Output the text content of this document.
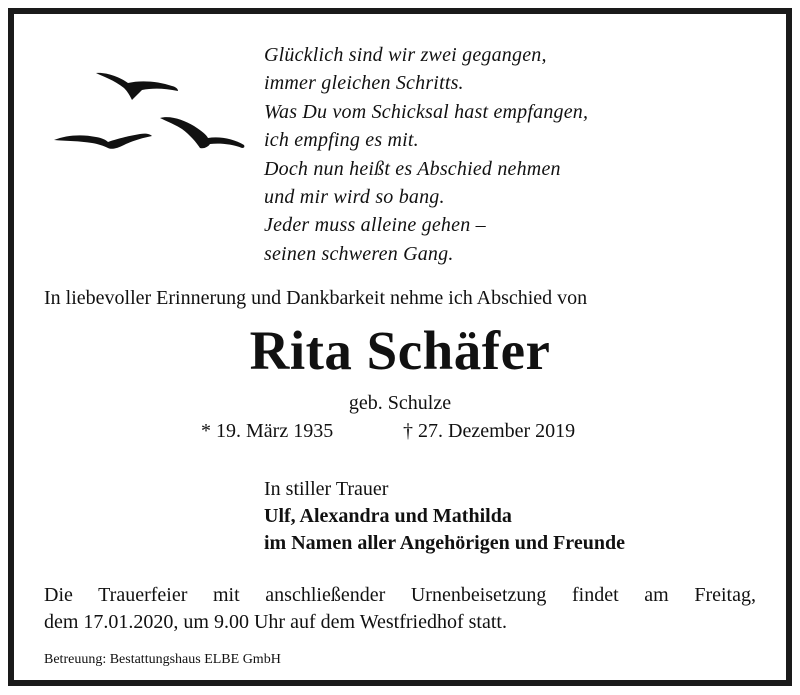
Glücklich sind wir zwei gegangen,
immer gleichen Schritts.
Was Du vom Schicksal hast empfangen,
ich empfing es mit.
Doch nun heißt es Abschied nehmen
und mir wird so bang.
Jeder muss alleine gehen –
seinen schweren Gang.
In liebevoller Erinnerung und Dankbarkeit nehme ich Abschied von
Rita Schäfer
geb. Schulze
* 19. März 1935	† 27. Dezember 2019
In stiller Trauer
Ulf, Alexandra und Mathilda
im Namen aller Angehörigen und Freunde
Die Trauerfeier mit anschließender Urnenbeisetzung findet am Freitag,
dem 17.01.2020, um 9.00 Uhr auf dem Westfriedhof statt.
Betreuung: Bestattungshaus ELBE GmbH
